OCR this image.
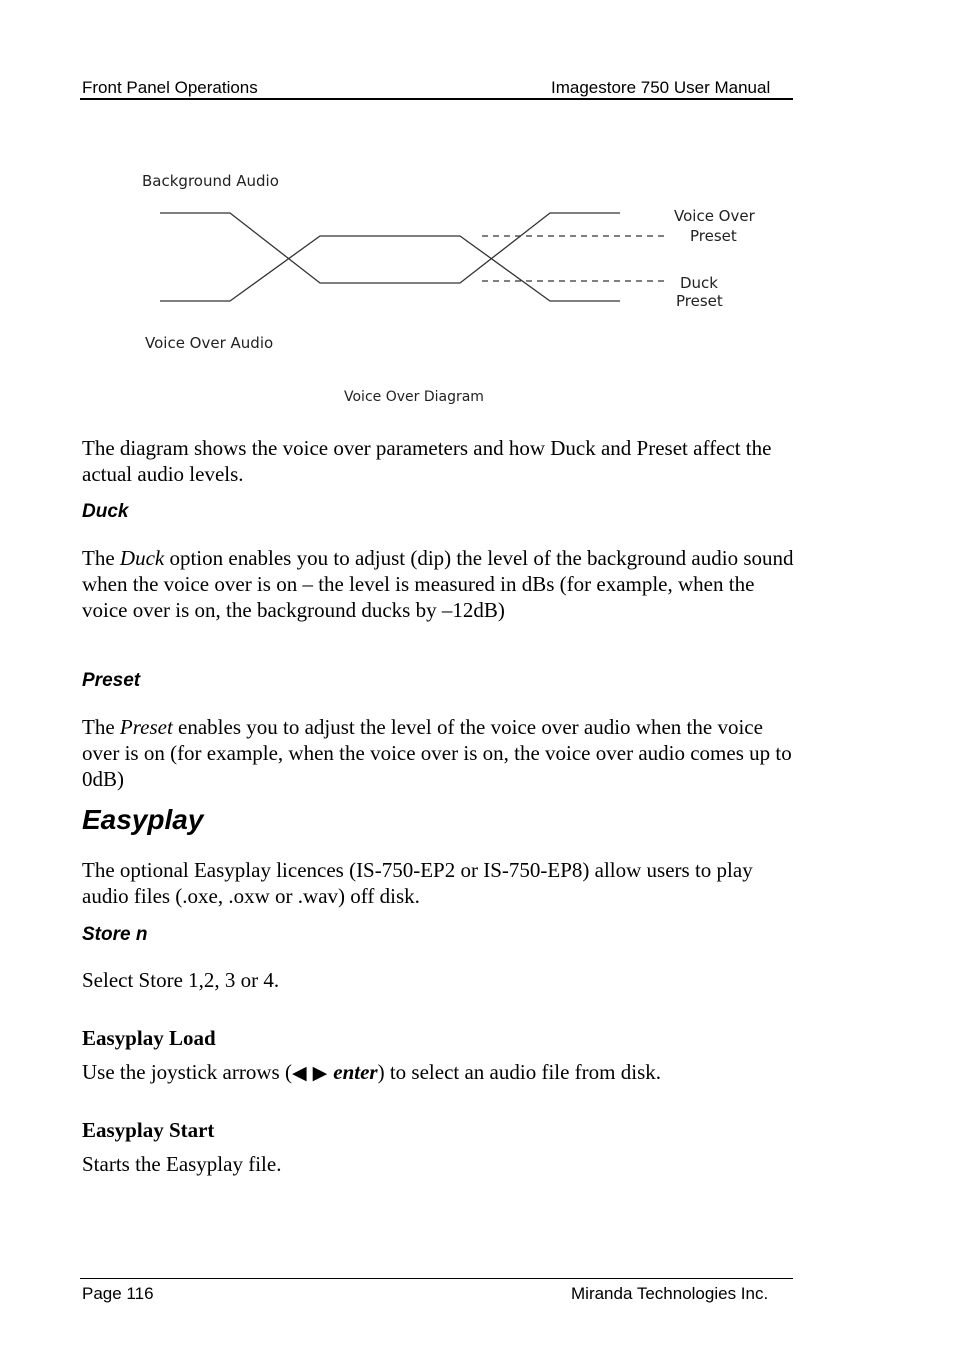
Front Panel Operations	Imagestore 750 User Manual
Background Audio
Voice Over Audio
Voice Over
Preset
Duck
Preset
Voice Over Diagram

The diagram shows the voice over parameters and how Duck and Preset affect the actual audio levels.

Duck

The Duck option enables you to adjust (dip) the level of the background audio sound when the voice over is on – the level is measured in dBs (for example, when the voice over is on, the background ducks by –12dB)

Preset

The Preset enables you to adjust the level of the voice over audio when the voice over is on (for example, when the voice over is on, the voice over audio comes up to 0dB)

Easyplay

The optional Easyplay licences (IS-750-EP2 or IS-750-EP8) allow users to play audio files (.oxe, .oxw or .wav) off disk.

Store n

Select Store 1,2, 3 or 4.

Easyplay Load

Use the joystick arrows (◀ ▶ enter) to select an audio file from disk.

Easyplay Start

Starts the Easyplay file.

Page 116	Miranda Technologies Inc.
